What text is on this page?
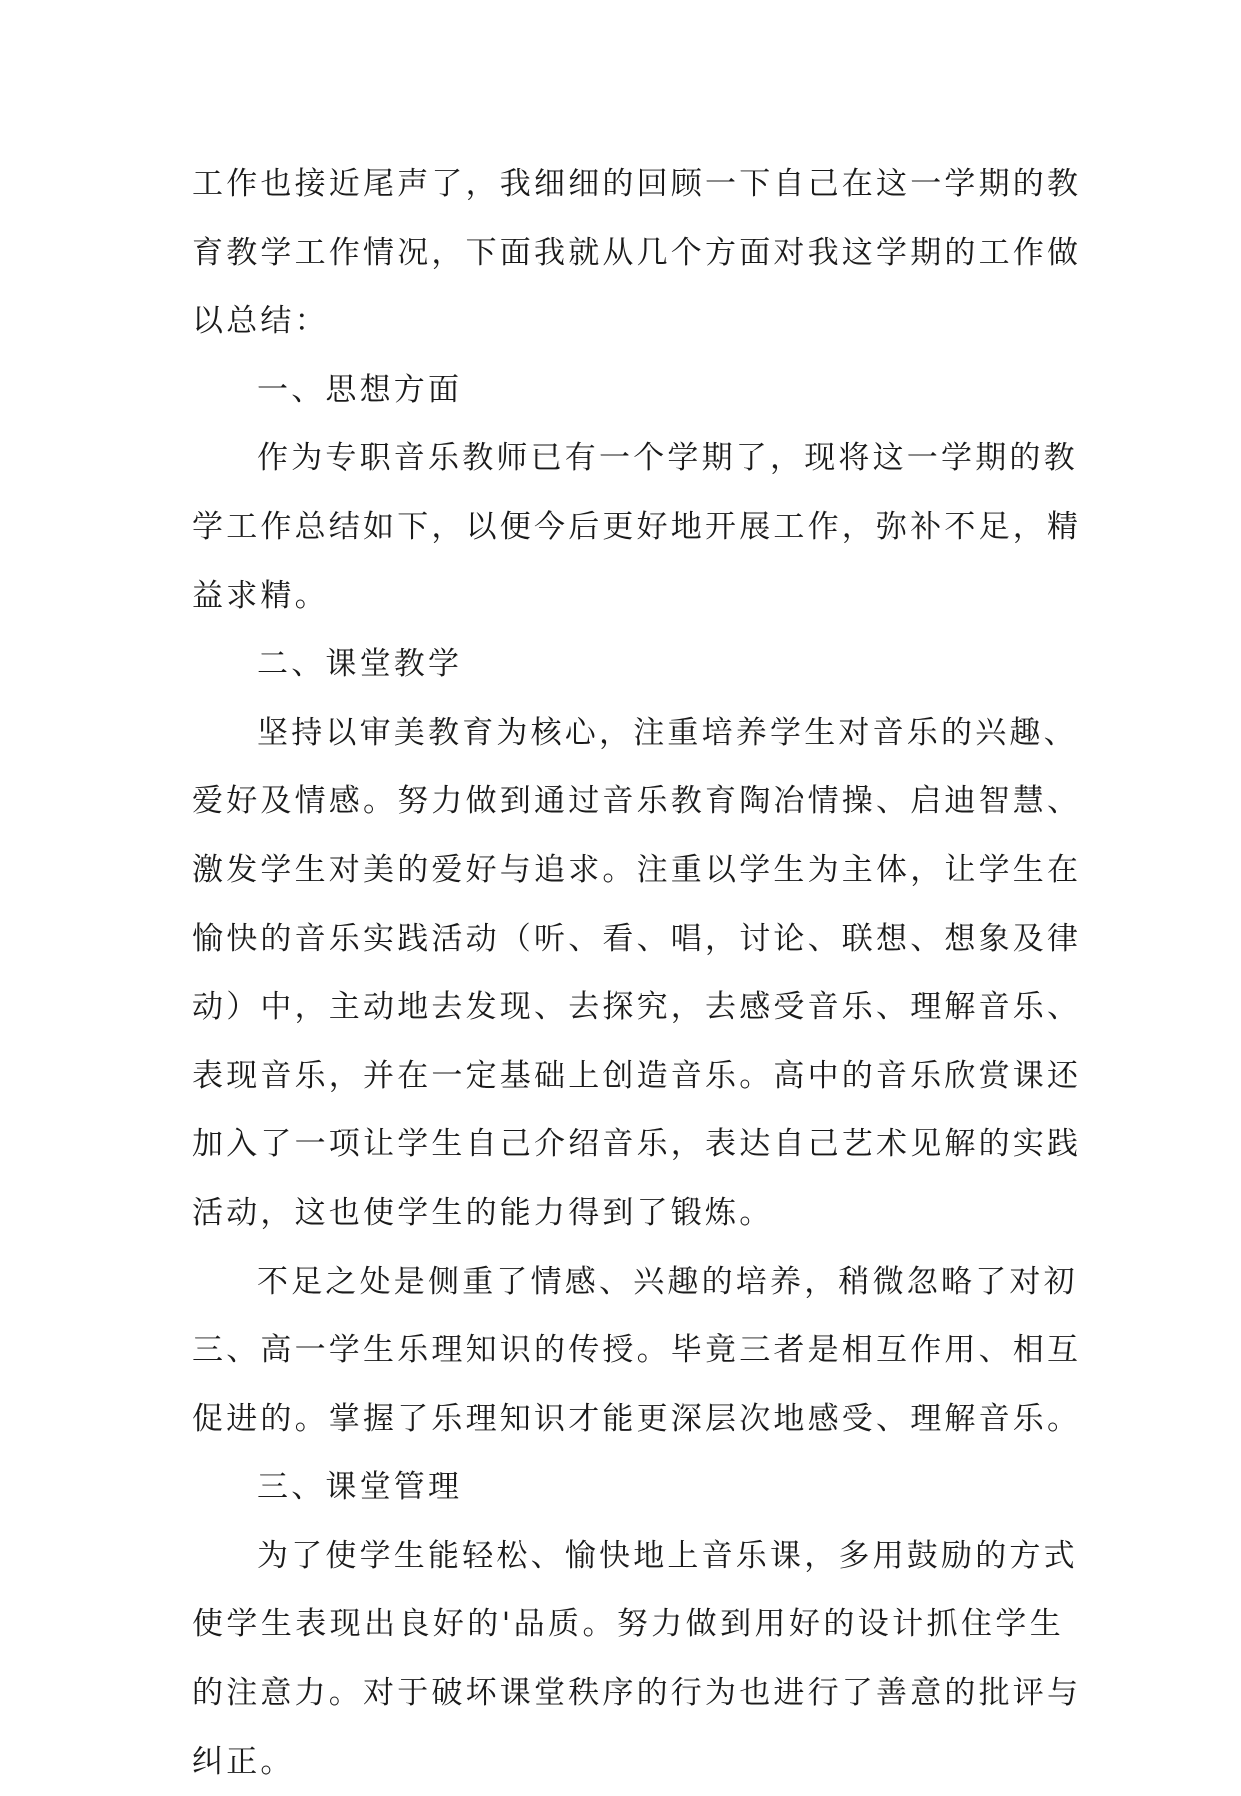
工作也接近尾声了，我细细的回顾一下自己在这一学期的教
育教学工作情况，下面我就从几个方面对我这学期的工作做
以总结：
一、思想方面
作为专职音乐教师已有一个学期了，现将这一学期的教
学工作总结如下，以便今后更好地开展工作，弥补不足，精
益求精。
二、课堂教学
坚持以审美教育为核心，注重培养学生对音乐的兴趣、
爱好及情感。努力做到通过音乐教育陶冶情操、启迪智慧、
激发学生对美的爱好与追求。注重以学生为主体，让学生在
愉快的音乐实践活动（听、看、唱，讨论、联想、想象及律
动）中，主动地去发现、去探究，去感受音乐、理解音乐、
表现音乐，并在一定基础上创造音乐。高中的音乐欣赏课还
加入了一项让学生自己介绍音乐，表达自己艺术见解的实践
活动，这也使学生的能力得到了锻炼。
不足之处是侧重了情感、兴趣的培养，稍微忽略了对初
三、高一学生乐理知识的传授。毕竟三者是相互作用、相互
促进的。掌握了乐理知识才能更深层次地感受、理解音乐。
三、课堂管理
为了使学生能轻松、愉快地上音乐课，多用鼓励的方式
使学生表现出良好的'品质。努力做到用好的设计抓住学生
的注意力。对于破坏课堂秩序的行为也进行了善意的批评与
纠正。
